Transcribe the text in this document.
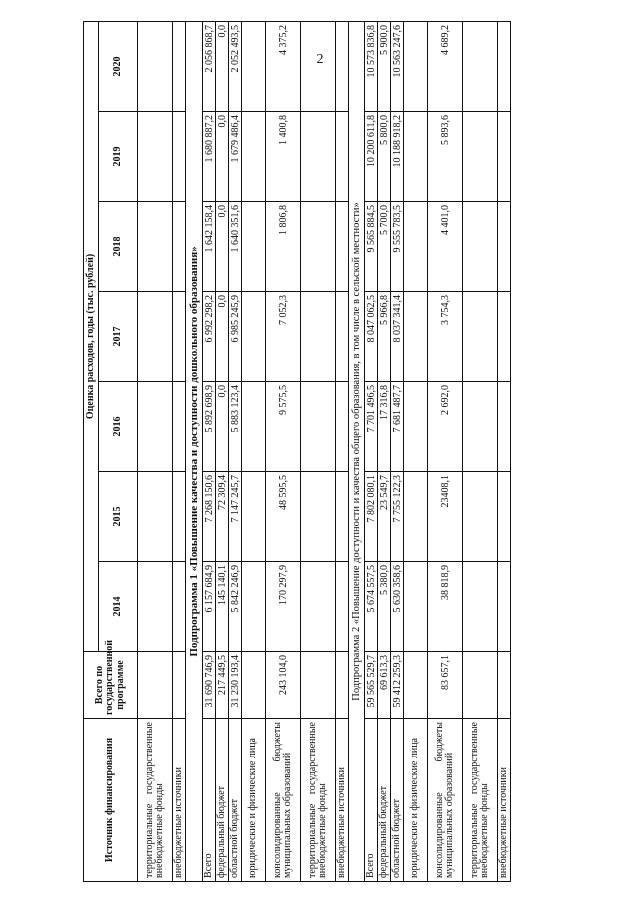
2
Источник финансирования	Всего по государственной программе	Оценка расходов, годы (тыс. рублей)						
		2014	2015	2016	2017	2018	2019	2020
территориальные государственные внебюджетные фонды								
внебюджетные источники								
Подпрограмма 1 «Повышение качества и доступности дошкольного образования»								
Всего	31 690 746,9	6 157 684,9	7 268 150,6	5 892 698,9	6 992 298,2	1 642 158,4	1 680 887,2	2 056 868,7
федеральный бюджет	217 449,5	145 140,1	72 309,4	0,0	0,0	0,0	0,0	0,0
областной бюджет	31 230 193,4	5 842 246,9	7 147 245,7	5 883 123,4	6 985 245,9	1 640 351,6	1 679 486,4	2 052 493,5
юридические и физические лица								
консолидированные бюджеты муниципальных образований	243 104,0	170 297,9	48 595,5	9 575,5	7 052,3	1 806,8	1 400,8	4 375,2
территориальные государственные внебюджетные фонды								
внебюджетные источники								
Подпрограмма 2 «Повышение доступности и качества общего образования, в том числе в сельской местности»								
Всего	59 565 529,7	5 674 557,5	7 802 080,1	7 701 496,5	8 047 062,5	9 565 884,5	10 200 611,8	10 573 836,8
федеральный бюджет	69 613,3	5 380,0	23 549,7	17 316,8	5 966,8	5 700,0	5 800,0	5 900,0
областной бюджет	59 412 259,3	5 630 358,6	7 755 122,3	7 681 487,7	8 037 341,4	9 555 783,5	10 188 918,2	10 563 247,6
юридические и физические лица								
консолидированные бюджеты муниципальных образований	83 657,1	38 818,9	23408,1	2 692,0	3 754,3	4 401,0	5 893,6	4 689,2
территориальные государственные внебюджетные фонды								
внебюджетные источники								
